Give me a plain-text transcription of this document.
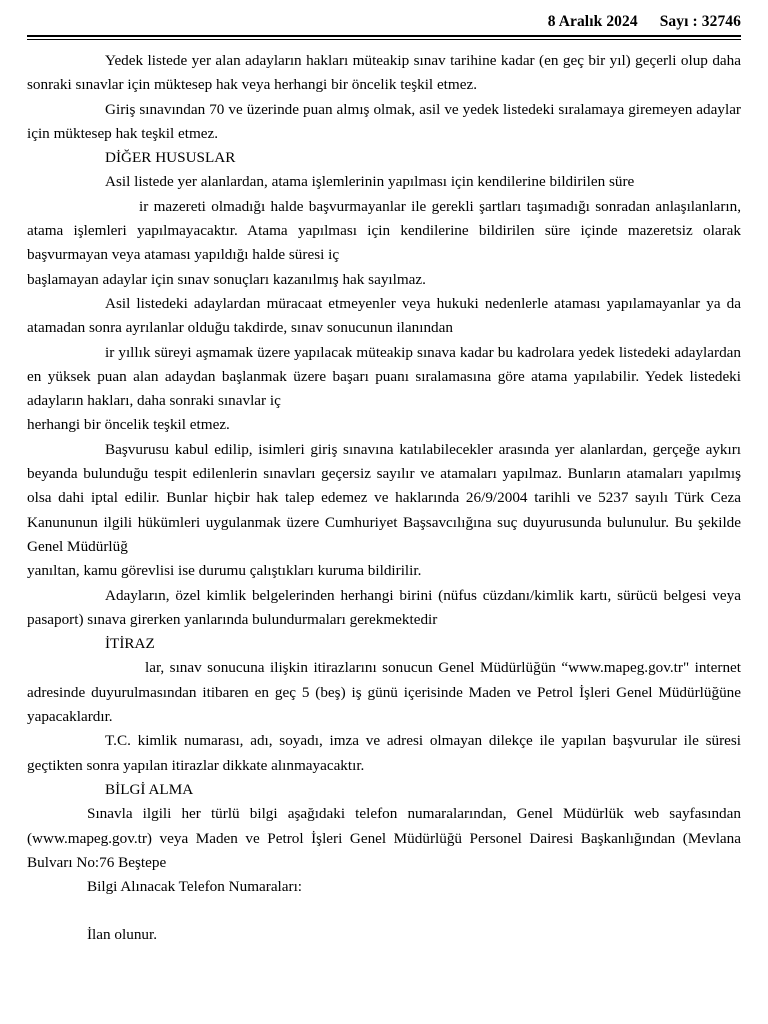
8 Aralık 2024 Sayı : 32746

Yedek listede yer alan adayların hakları müteakip sınav tarihine kadar (en geç bir yıl) geçerli olup daha sonraki sınavlar için müktesep hak veya herhangi bir öncelik teşkil etmez.

Giriş sınavından 70 ve üzerinde puan almış olmak, asil ve yedek listedeki sıralamaya giremeyen adaylar için müktesep hak teşkil etmez.

DİĞER HUSUSLAR

Asil listede yer alanlardan, atama işlemlerinin yapılması için kendilerine bildirilen süre

ir mazereti olmadığı halde başvurmayanlar ile gerekli şartları taşımadığı sonradan anlaşılanların, atama işlemleri yapılmayacaktır. Atama yapılması için kendilerine bildirilen süre içinde mazeretsiz olarak başvurmayan veya ataması yapıldığı halde süresi iç

başlamayan adaylar için sınav sonuçları kazanılmış hak sayılmaz.

Asil listedeki adaylardan müracaat etmeyenler veya hukuki nedenlerle ataması yapılamayanlar ya da atamadan sonra ayrılanlar olduğu takdirde, sınav sonucunun ilanından

ir yıllık süreyi aşmamak üzere yapılacak müteakip sınava kadar bu kadrolara yedek listedeki adaylardan en yüksek puan alan adaydan başlanmak üzere başarı puanı sıralamasına göre atama yapılabilir. Yedek listedeki adayların hakları, daha sonraki sınavlar iç

herhangi bir öncelik teşkil etmez.

Başvurusu kabul edilip, isimleri giriş sınavına katılabilecekler arasında yer alanlardan, gerçeğe aykırı beyanda bulunduğu tespit edilenlerin sınavları geçersiz sayılır ve atamaları yapılmaz. Bunların atamaları yapılmış olsa dahi iptal edilir. Bunlar hiçbir hak talep edemez ve haklarında 26/9/2004 tarihli ve 5237 sayılı Türk Ceza Kanununun ilgili hükümleri uygulanmak üzere Cumhuriyet Başsavcılığına suç duyurusunda bulunulur. Bu şekilde Genel Müdürlüğ

yanıltan, kamu görevlisi ise durumu çalıştıkları kuruma bildirilir.

Adayların, özel kimlik belgelerinden herhangi birini (nüfus cüzdanı/kimlik kartı, sürücü belgesi veya pasaport) sınava girerken yanlarında bulundurmaları gerekmektedir

İTİRAZ

lar, sınav sonucuna ilişkin itirazlarını sonucun Genel Müdürlüğün “www.mapeg.gov.tr" internet adresinde duyurulmasından itibaren en geç 5 (beş) iş günü içerisinde Maden ve Petrol İşleri Genel Müdürlüğüne yapacaklardır.

T.C. kimlik numarası, adı, soyadı, imza ve adresi olmayan dilekçe ile yapılan başvurular ile süresi geçtikten sonra yapılan itirazlar dikkate alınmayacaktır.

BİLGİ ALMA

Sınavla ilgili her türlü bilgi aşağıdaki telefon numaralarından, Genel Müdürlük web sayfasından (www.mapeg.gov.tr) veya Maden ve Petrol İşleri Genel Müdürlüğü Personel Dairesi Başkanlığından (Mevlana Bulvarı No:76 Beştepe

Bilgi Alınacak Telefon Numaraları:

İlan olunur.
